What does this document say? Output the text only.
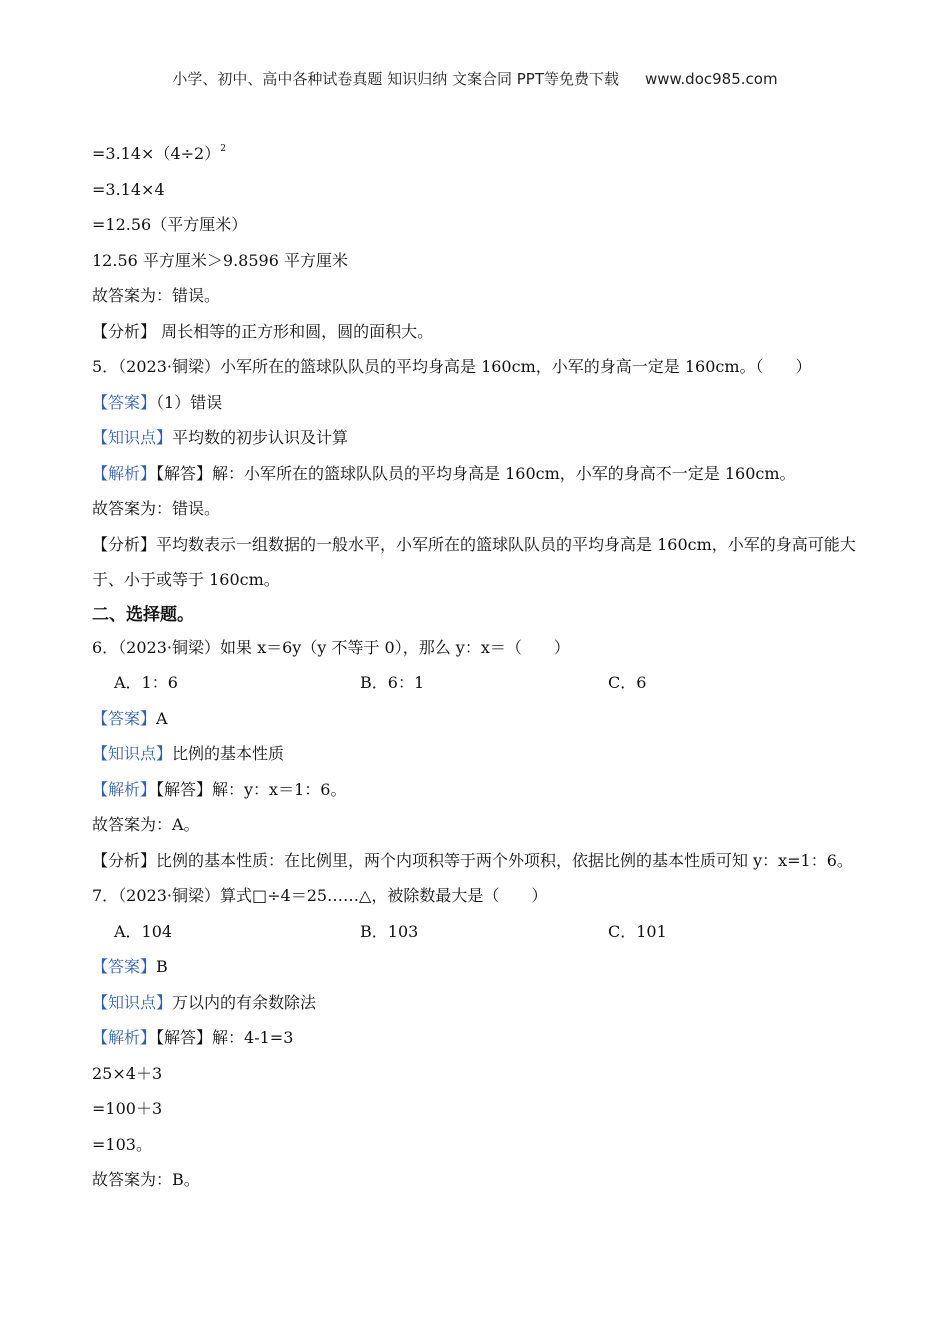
小学、初中、高中各种试卷真题 知识归纳 文案合同 PPT等免费下载 www.doc985.com
$=3.14\times(4\div 2)^2$
=3.14×4
=12.56（平方厘米）
12.56 平方厘米＞9.8596 平方厘米
故答案为：错误。
【分析】 周长相等的正方形和圆，圆的面积大。
5．（2023·铜梁）小军所在的篮球队队员的平均身高是 160cm，小军的身高一定是 160cm。（　　）
【答案】（1）错误
【知识点】平均数的初步认识及计算
【解析】【解答】解：小军所在的篮球队队员的平均身高是 160cm，小军的身高不一定是 160cm。
故答案为：错误。
【分析】平均数表示一组数据的一般水平，小军所在的篮球队队员的平均身高是 160cm，小军的身高可能大于、小于或等于 160cm。
二、选择题。
6．（2023·铜梁）如果 x＝6y（y 不等于 0），那么 y：x＝（　　）
A．1：6	B．6：1	C．6
【答案】A
【知识点】比例的基本性质
【解析】【解答】解：y：x＝1：6。
故答案为：A。
【分析】比例的基本性质：在比例里，两个内项积等于两个外项积，依据比例的基本性质可知 y：x=1：6。
7．（2023·铜梁）算式□÷4＝25……△，被除数最大是（　　）
A．104	B．103	C．101
【答案】B
【知识点】万以内的有余数除法
【解析】【解答】解：4-1=3
25×4＋3
=100＋3
=103。
故答案为：B。
